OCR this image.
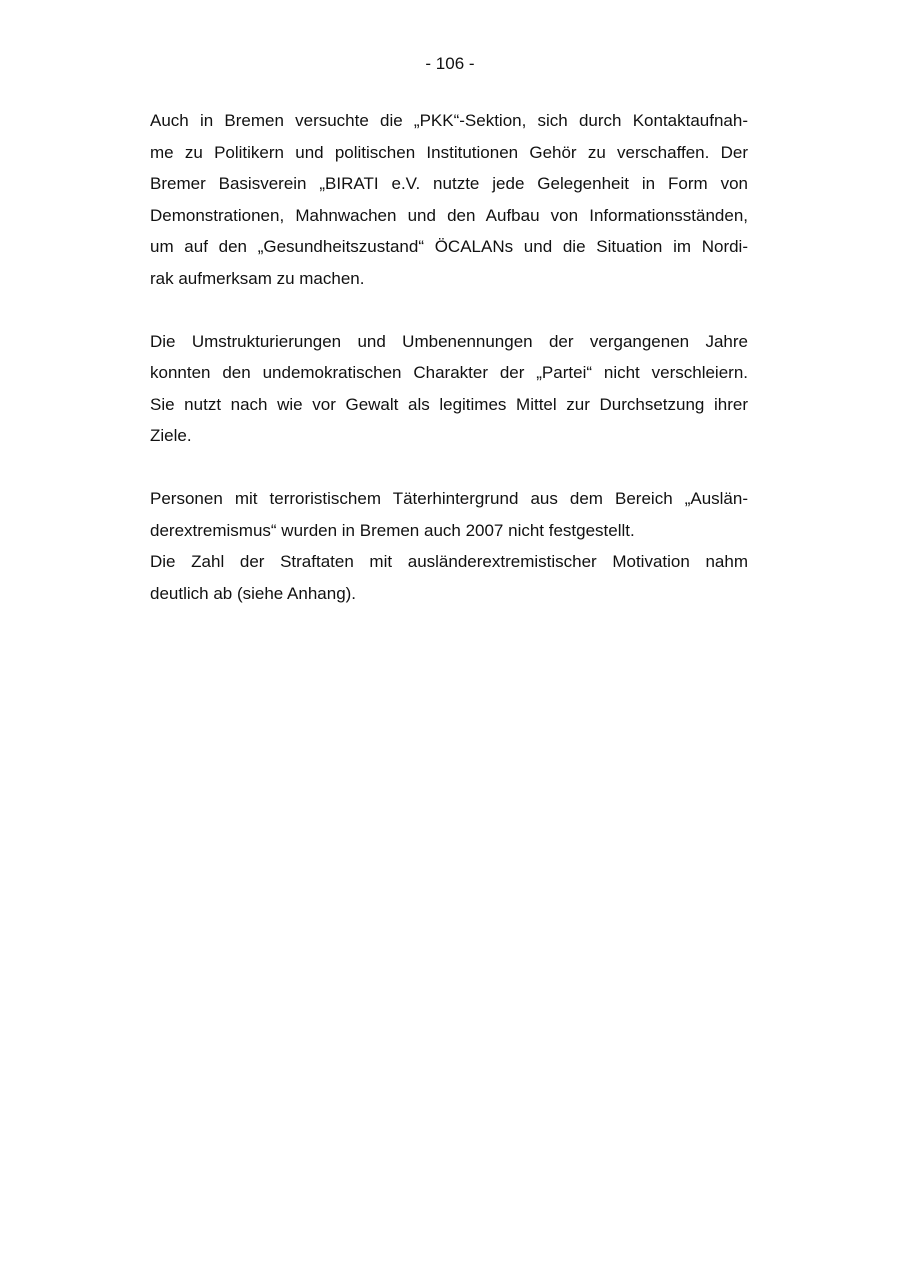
- 106 -

Auch in Bremen versuchte die „PKK“-Sektion, sich durch Kontaktaufnah-
me zu Politikern und politischen Institutionen Gehör zu verschaffen. Der
Bremer Basisverein „BIRATI e.V. nutzte jede Gelegenheit in Form von
Demonstrationen, Mahnwachen und den Aufbau von Informationsständen,
um auf den „Gesundheitszustand“ ÖCALANs und die Situation im Nordi-
rak aufmerksam zu machen.

Die Umstrukturierungen und Umbenennungen der vergangenen Jahre
konnten den undemokratischen Charakter der „Partei“ nicht verschleiern.
Sie nutzt nach wie vor Gewalt als legitimes Mittel zur Durchsetzung ihrer
Ziele.

Personen mit terroristischem Täterhintergrund aus dem Bereich „Auslän-
derextremismus“ wurden in Bremen auch 2007 nicht festgestellt.
Die Zahl der Straftaten mit ausländerextremistischer Motivation nahm
deutlich ab (siehe Anhang).
